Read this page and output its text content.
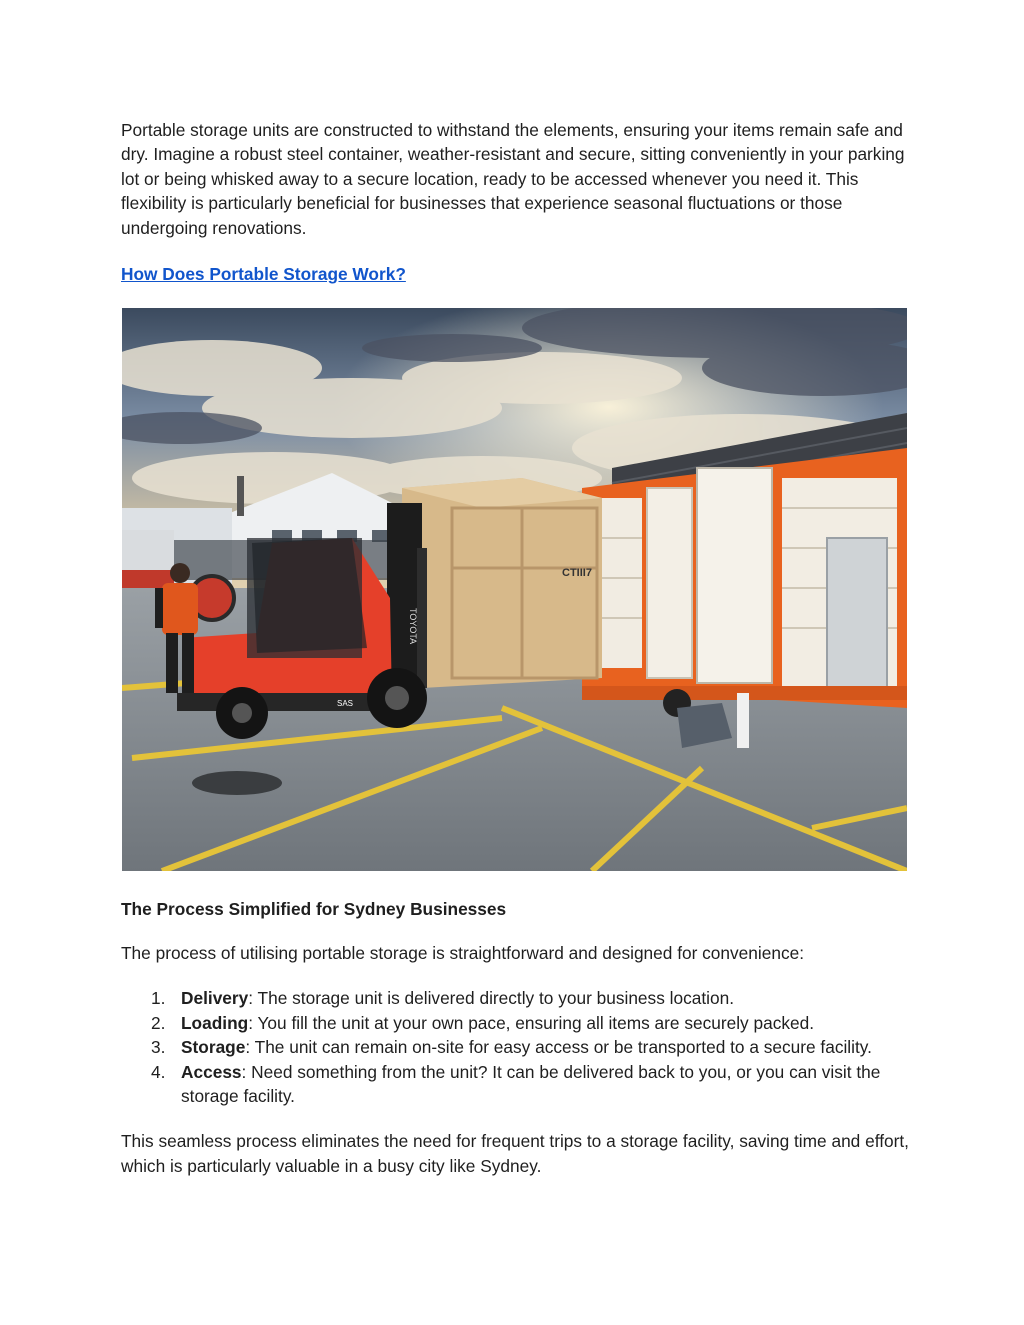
Portable storage units are constructed to withstand the elements, ensuring your items remain safe and dry. Imagine a robust steel container, weather-resistant and secure, sitting conveniently in your parking lot or being whisked away to a secure location, ready to be accessed whenever you need it. This flexibility is particularly beneficial for businesses that experience seasonal fluctuations or those undergoing renovations.

How Does Portable Storage Work?
CTIII7
TOYOTA
SAS
The Process Simplified for Sydney Businesses

The process of utilising portable storage is straightforward and designed for convenience:

1. Delivery: The storage unit is delivered directly to your business location.
2. Loading: You fill the unit at your own pace, ensuring all items are securely packed.
3. Storage: The unit can remain on-site for easy access or be transported to a secure facility.
4. Access: Need something from the unit? It can be delivered back to you, or you can visit the storage facility.

This seamless process eliminates the need for frequent trips to a storage facility, saving time and effort, which is particularly valuable in a busy city like Sydney.
